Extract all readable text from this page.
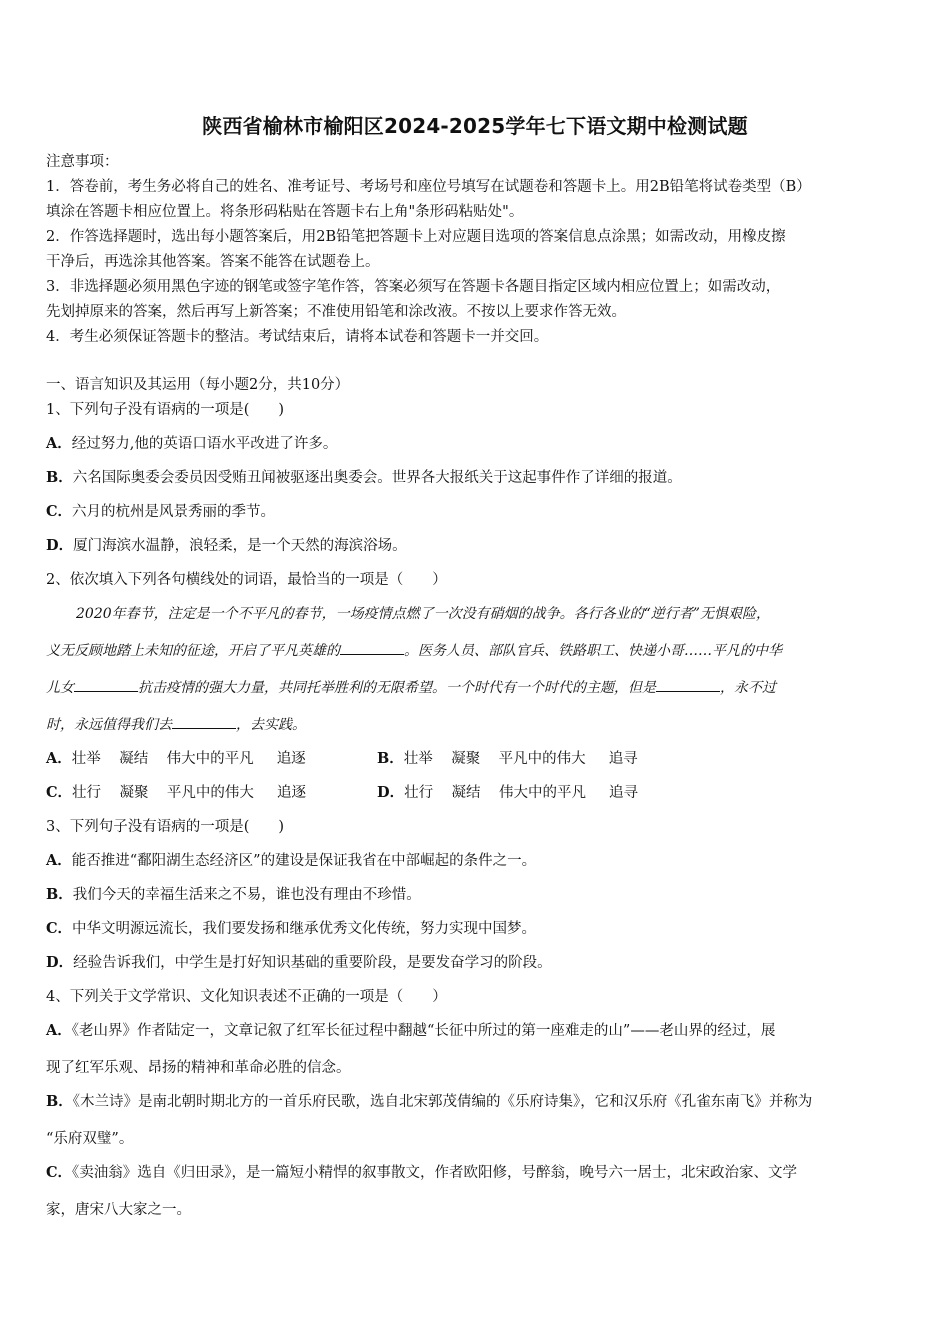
陕西省榆林市榆阳区2024-2025学年七下语文期中检测试题
注意事项：
1．答卷前，考生务必将自己的姓名、准考证号、考场号和座位号填写在试题卷和答题卡上。用2B铅笔将试卷类型（B）
填涂在答题卡相应位置上。将条形码粘贴在答题卡右上角"条形码粘贴处"。
2．作答选择题时，选出每小题答案后，用2B铅笔把答题卡上对应题目选项的答案信息点涂黑；如需改动，用橡皮擦
干净后，再选涂其他答案。答案不能答在试题卷上。
3．非选择题必须用黑色字迹的钢笔或签字笔作答，答案必须写在答题卡各题目指定区域内相应位置上；如需改动，
先划掉原来的答案，然后再写上新答案；不准使用铅笔和涂改液。不按以上要求作答无效。
4．考生必须保证答题卡的整洁。考试结束后，请将本试卷和答题卡一并交回。
一、语言知识及其运用（每小题2分，共10分）
1、下列句子没有语病的一项是(　　)
A．经过努力,他的英语口语水平改进了许多。
B．六名国际奥委会委员因受贿丑闻被驱逐出奥委会。世界各大报纸关于这起事件作了详细的报道。
C．六月的杭州是风景秀丽的季节。
D．厦门海滨水温静，浪轻柔，是一个天然的海滨浴场。
2、依次填入下列各句横线处的词语，最恰当的一项是（　　）
2020年春节，注定是一个不平凡的春节，一场疫情点燃了一次没有硝烟的战争。各行各业的“逆行者”无惧艰险，
义无反顾地踏上未知的征途，开启了平凡英雄的	。医务人员、部队官兵、铁路职工、快递小哥……平凡的中华
儿女	抗击疫情的强大力量，共同托举胜利的无限希望。一个时代有一个时代的主题，但是	，永不过
时，永远值得我们去	，去实践。
A．壮举 凝结 伟大中的平凡 追逐	B．壮举 凝聚 平凡中的伟大 追寻
C．壮行 凝聚 平凡中的伟大 追逐	D．壮行 凝结 伟大中的平凡 追寻
3、下列句子没有语病的一项是(　　)
A．能否推进“鄱阳湖生态经济区”的建设是保证我省在中部崛起的条件之一。
B．我们今天的幸福生活来之不易，谁也没有理由不珍惜。
C．中华文明源远流长，我们要发扬和继承优秀文化传统，努力实现中国梦。
D．经验告诉我们，中学生是打好知识基础的重要阶段，是要发奋学习的阶段。
4、下列关于文学常识、文化知识表述不正确的一项是（　　）
A．《老山界》作者陆定一，文章记叙了红军长征过程中翻越“长征中所过的第一座难走的山”——老山界的经过，展
现了红军乐观、昂扬的精神和革命必胜的信念。
B．《木兰诗》是南北朝时期北方的一首乐府民歌，选自北宋郭茂倩编的《乐府诗集》，它和汉乐府《孔雀东南飞》并称为
“乐府双璧”。
C．《卖油翁》选自《归田录》，是一篇短小精悍的叙事散文，作者欧阳修，号醉翁，晚号六一居士，北宋政治家、文学
家，唐宋八大家之一。
